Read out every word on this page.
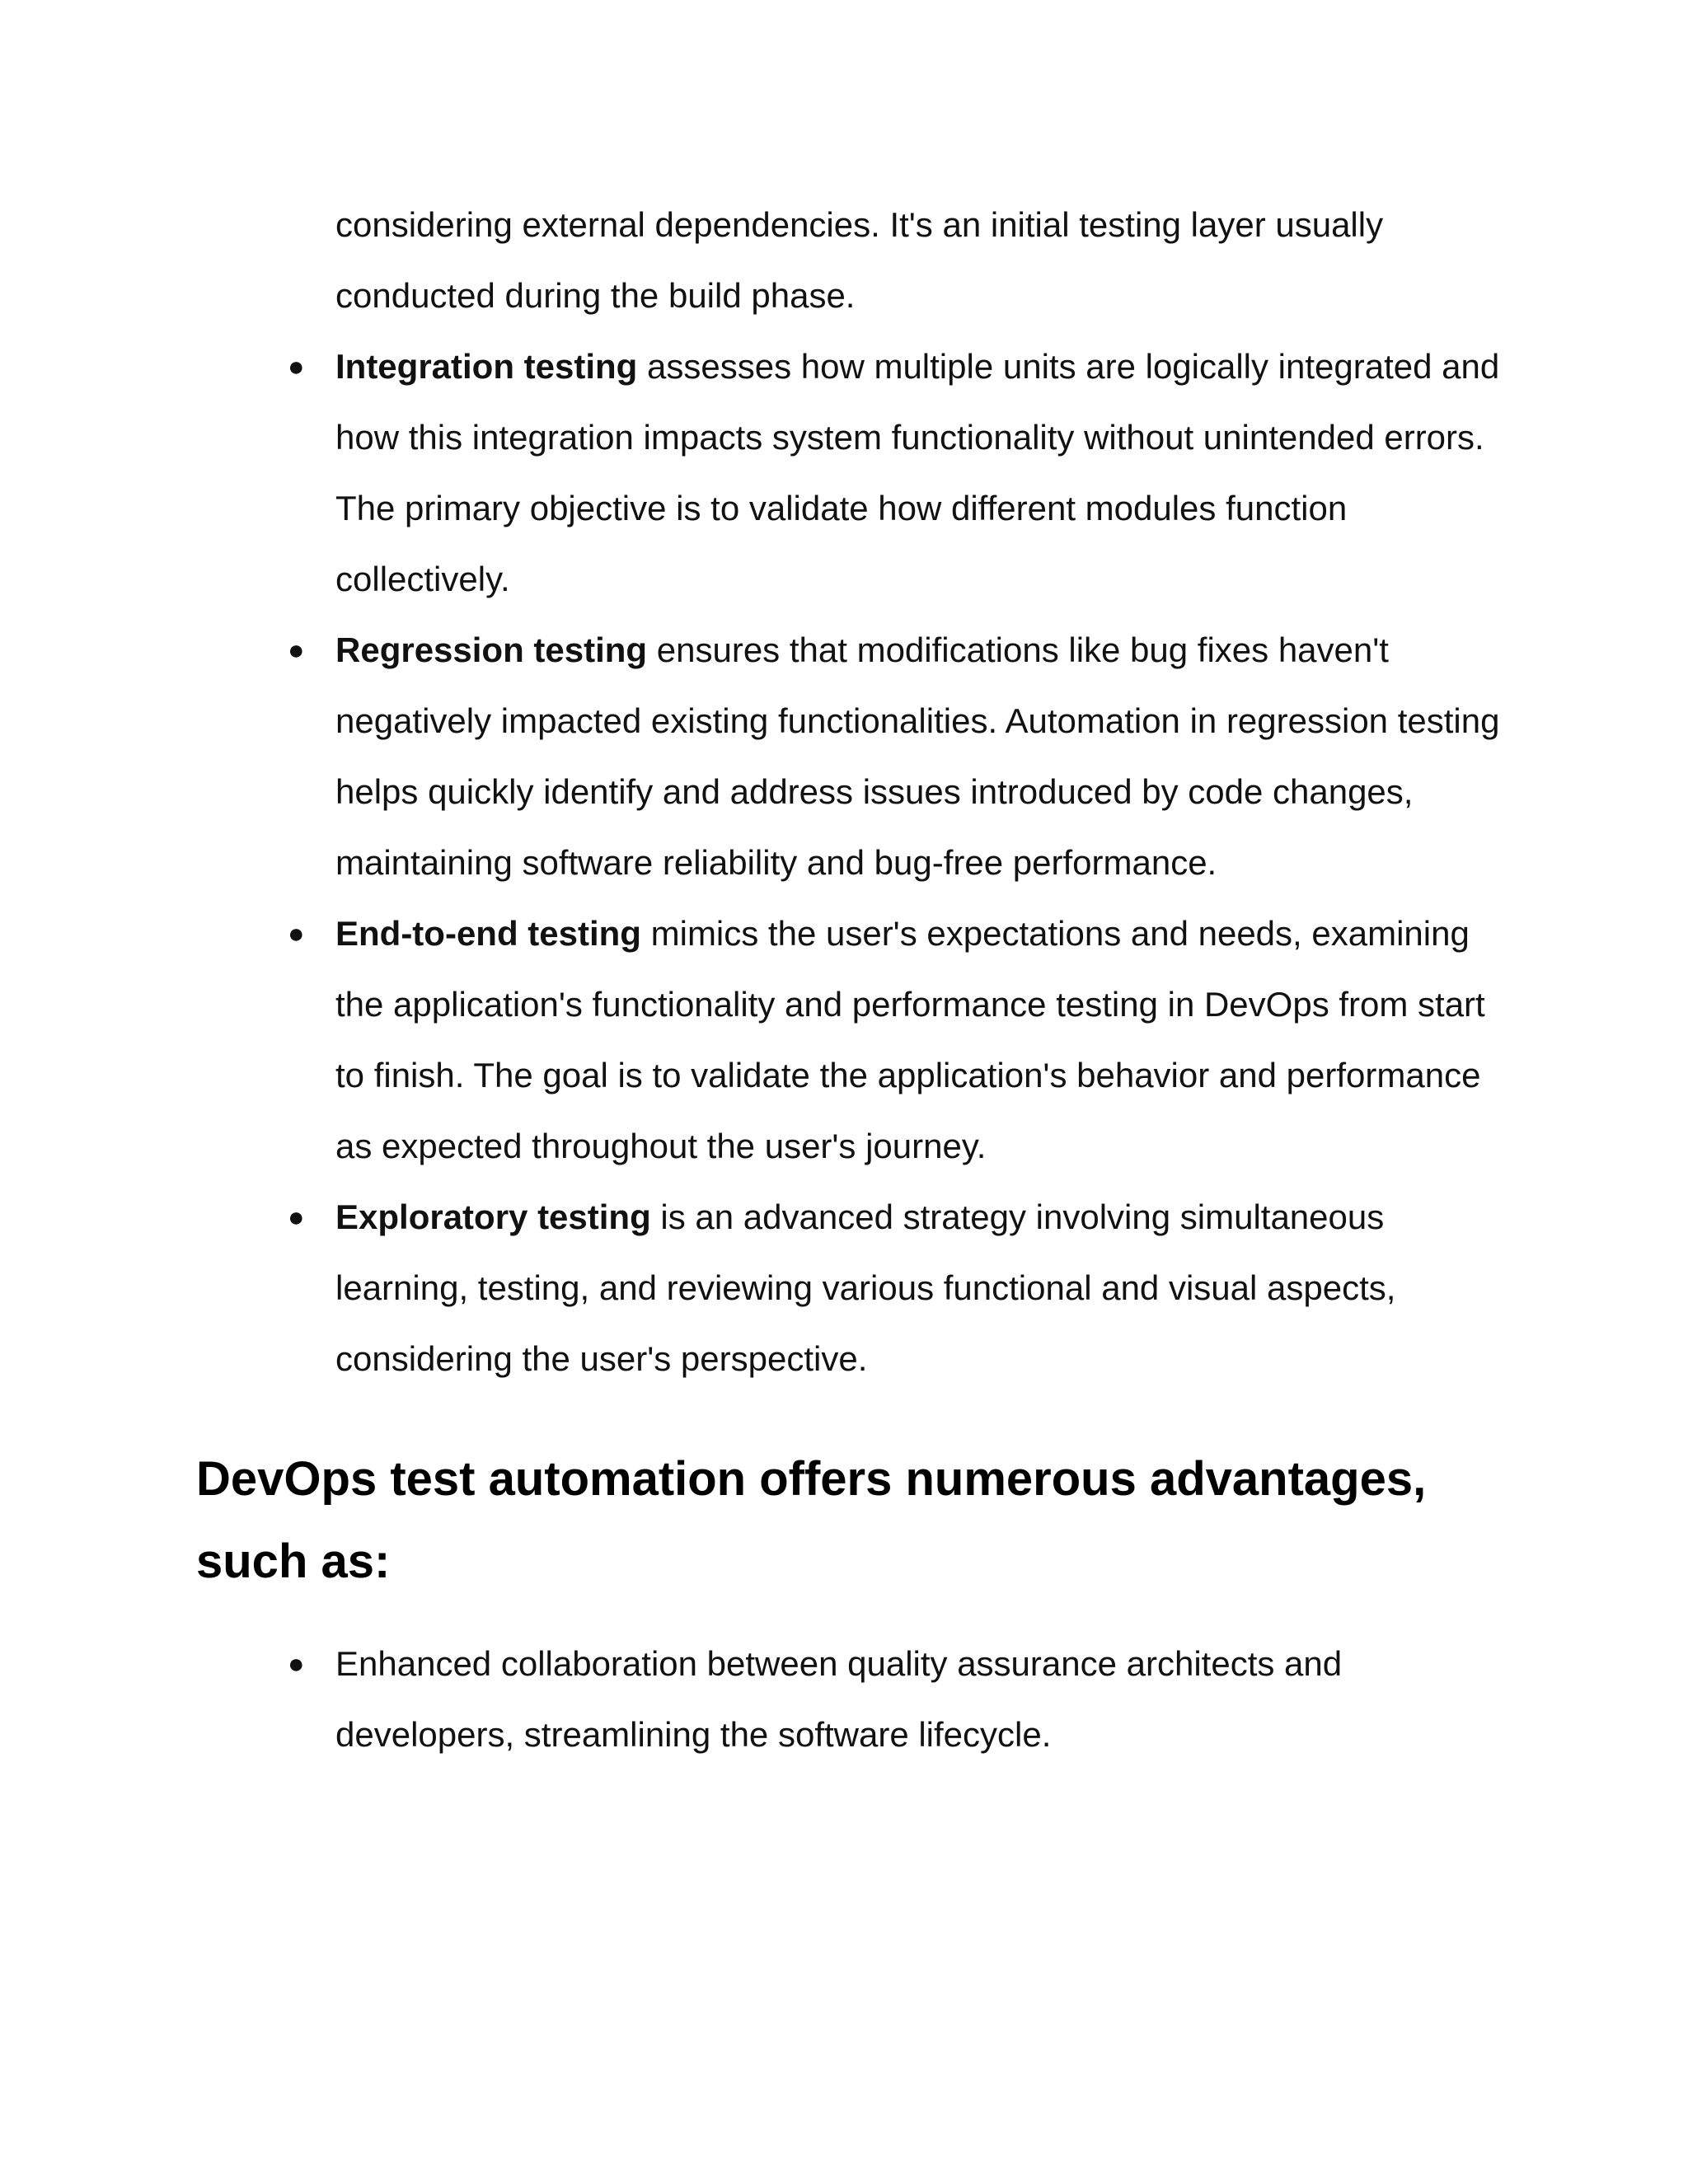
considering external dependencies. It's an initial testing layer usually conducted during the build phase.

● Integration testing assesses how multiple units are logically integrated and how this integration impacts system functionality without unintended errors. The primary objective is to validate how different modules function collectively.
● Regression testing ensures that modifications like bug fixes haven't negatively impacted existing functionalities. Automation in regression testing helps quickly identify and address issues introduced by code changes, maintaining software reliability and bug-free performance.
● End-to-end testing mimics the user's expectations and needs, examining the application's functionality and performance testing in DevOps from start to finish. The goal is to validate the application's behavior and performance as expected throughout the user's journey.
● Exploratory testing is an advanced strategy involving simultaneous learning, testing, and reviewing various functional and visual aspects, considering the user's perspective.
DevOps test automation offers numerous advantages, such as:
● Enhanced collaboration between quality assurance architects and developers, streamlining the software lifecycle.
